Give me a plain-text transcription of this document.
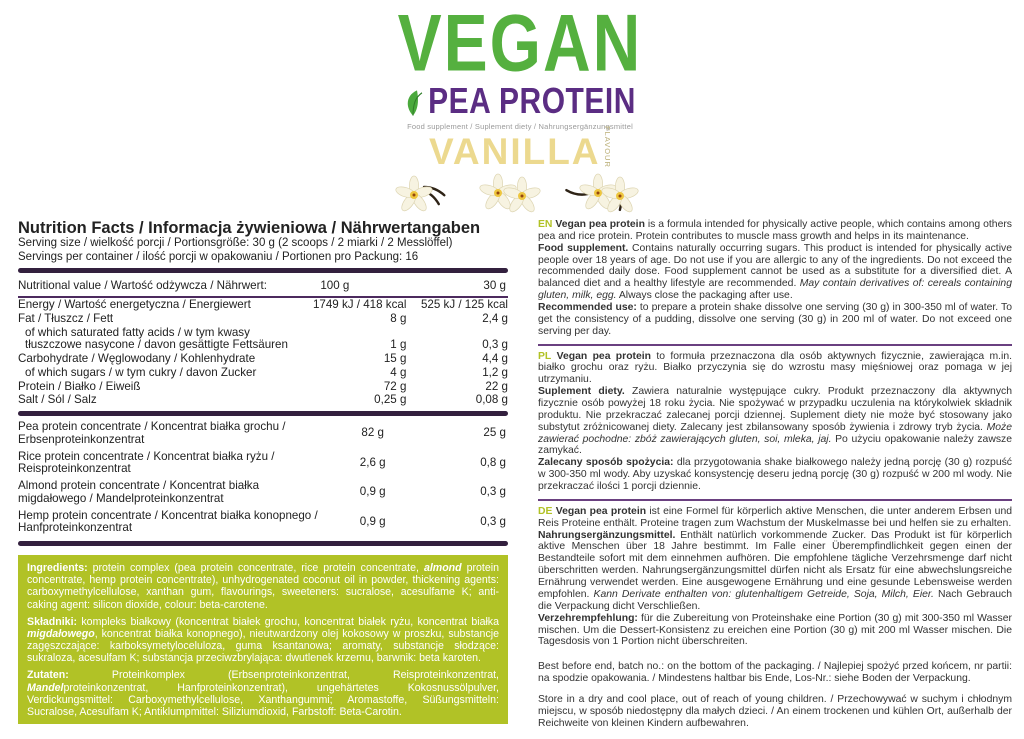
VEGAN
PEA PROTEIN
Food supplement / Suplement diety / Nahrungsergänzungsmittel
VANILLA FLAVOUR

Nutrition Facts / Informacja żywieniowa / Nährwertangaben

Serving size / wielkość porcji / Portionsgröße: 30 g (2 scoops / 2 miarki / 2 Messlöffel)
Servings per container / ilość porcji w opakowaniu / Portionen pro Packung: 16
Nutritional value / Wartość odżywcza / Nährwert:	100 g	30 g
Energy / Wartość energetyczna / Energiewert	1749 kJ / 418 kcal	525 kJ / 125 kcal
Fat / Tłuszcz / Fett	8 g	2,4 g
of which saturated fatty acids / w tym kwasy tłuszczowe nasycone / davon gesättigte Fettsäuren	1 g	0,3 g
Carbohydrate / Węglowodany / Kohlenhydrate	15 g	4,4 g
of which sugars / w tym cukry / davon Zucker	4 g	1,2 g
Protein / Białko / Eiweiß	72 g	22 g
Salt / Sól / Salz	0,25 g	0,08 g
Pea protein concentrate / Koncentrat białka grochu / Erbsenproteinkonzentrat	82 g	25 g
Rice protein concentrate / Koncentrat białka ryżu / Reisproteinkonzentrat	2,6 g	0,8 g
Almond protein concentrate / Koncentrat białka migdałowego / Mandelproteinkonzentrat	0,9 g	0,3 g
Hemp protein concentrate / Koncentrat białka konopnego / Hanfproteinkonzentrat	0,9 g	0,3 g

Ingredients: protein complex (pea protein concentrate, rice protein concentrate, almond protein concentrate, hemp protein concentrate), unhydrogenated coconut oil in powder, thickening agents: carboxymethylcellulose, xanthan gum, flavourings, sweeteners: sucralose, acesulfame K; anti-caking agent: silicon dioxide, colour: beta-carotene.

Składniki: kompleks białkowy (koncentrat białek grochu, koncentrat białek ryżu, koncentrat białka migdałowego, koncentrat białka konopnego), nieutwardzony olej kokosowy w proszku, substancje zagęszczające: karboksymetyloceluloza, guma ksantanowa; aromaty, substancje słodzące: sukraloza, acesulfam K; substancja przeciwzbrylająca: dwutlenek krzemu, barwnik: beta karoten.

Zutaten: Proteinkomplex (Erbsenproteinkonzentrat, Reisproteinkonzentrat, Mandelproteinkonzentrat, Hanfproteinkonzentrat), ungehärtetes Kokosnussölpulver, Verdickungsmittel: Carboxymethylcellulose, Xanthangummi; Aromastoffe, Süßungsmitteln: Sucralose, Acesulfam K; Antiklumpmittel: Siliziumdioxid, Farbstoff: Beta-Carotin.

EN Vegan pea protein is a formula intended for physically active people, which contains among others pea and rice protein. Protein contributes to muscle mass growth and helps in its maintenance.

Food supplement. Contains naturally occurring sugars. This product is intended for physically active people over 18 years of age. Do not use if you are allergic to any of the ingredients. Do not exceed the recommended daily dose. Food supplement cannot be used as a substitute for a diversified diet. A balanced diet and a healthy lifestyle are recommended. May contain derivatives of: cereals containing gluten, milk, egg. Always close the packaging after use.

Recommended use: to prepare a protein shake dissolve one serving (30 g) in 300-350 ml of water. To get the consistency of a pudding, dissolve one serving (30 g) in 200 ml of water. Do not exceed one serving per day.

PL Vegan pea protein to formuła przeznaczona dla osób aktywnych fizycznie, zawierająca m.in. białko grochu oraz ryżu. Białko przyczynia się do wzrostu masy mięśniowej oraz pomaga w jej utrzymaniu.

Suplement diety. Zawiera naturalnie występujące cukry. Produkt przeznaczony dla aktywnych fizycznie osób powyżej 18 roku życia. Nie spożywać w przypadku uczulenia na którykolwiek składnik produktu. Nie przekraczać zalecanej porcji dziennej. Suplement diety nie może być stosowany jako substytut zróżnicowanej diety. Zalecany jest zbilansowany sposób żywienia i zdrowy tryb życia. Może zawierać pochodne: zbóż zawierających gluten, soi, mleka, jaj. Po użyciu opakowanie należy zawsze zamykać.

Zalecany sposób spożycia: dla przygotowania shake białkowego należy jedną porcję (30 g) rozpuść w 300-350 ml wody. Aby uzyskać konsystencję deseru jedną porcję (30 g) rozpuść w 200 ml wody. Nie przekraczać ilości 1 porcji dziennie.

DE Vegan pea protein ist eine Formel für körperlich aktive Menschen, die unter anderem Erbsen und Reis Proteine enthält. Proteine tragen zum Wachstum der Muskelmasse bei und helfen sie zu erhalten.

Nahrungsergänzungsmittel. Enthält natürlich vorkommende Zucker. Das Produkt ist für körperlich aktive Menschen über 18 Jahre bestimmt. Im Falle einer Überempfindlichkeit gegen einen der Bestandteile sofort mit dem einnehmen aufhören. Die empfohlene tägliche Verzehrsmenge darf nicht überschritten werden. Nahrungsergänzungsmittel dürfen nicht als Ersatz für eine abwechslungsreiche Ernährung verwendet werden. Eine ausgewogene Ernährung und eine gesunde Lebensweise werden empfohlen. Kann Derivate enthalten von: glutenhaltigem Getreide, Soja, Milch, Eier. Nach Gebrauch die Verpackung dicht Verschließen.

Verzehrempfehlung: für die Zubereitung von Proteinshake eine Portion (30 g) mit 300-350 ml Wasser mischen. Um die Dessert-Konsistenz zu ereichen eine Portion (30 g) mit 200 ml Wasser mischen. Die Tagesdosis von 1 Portion nicht überschreiten.

Best before end, batch no.: on the bottom of the packaging. / Najlepiej spożyć przed końcem, nr partii: na spodzie opakowania. / Mindestens haltbar bis Ende, Los-Nr.: siehe Boden der Verpackung.

Store in a dry and cool place, out of reach of young children. / Przechowywać w suchym i chłodnym miejscu, w sposób niedostępny dla małych dzieci. / An einem trockenen und kühlen Ort, außerhalb der Reichweite von kleinen Kindern aufbewahren.
